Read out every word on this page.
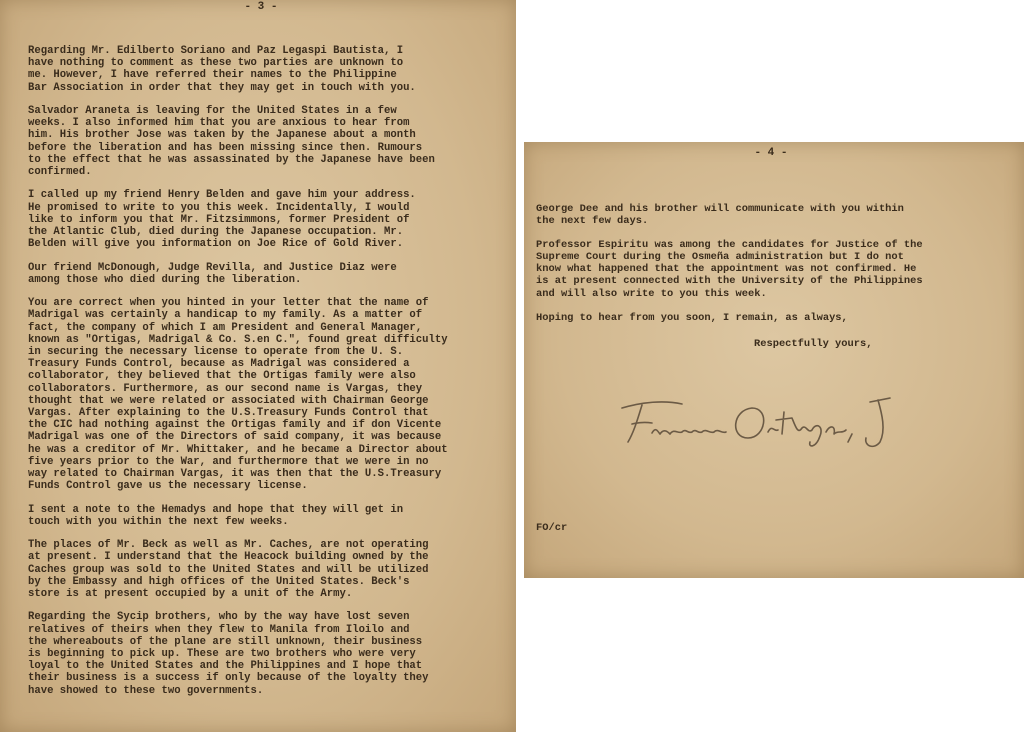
- 3 -

Regarding Mr. Edilberto Soriano and Paz Legaspi Bautista, I
have nothing to comment as these two parties are unknown to
me. However, I have referred their names to the Philippine
Bar Association in order that they may get in touch with you.

Salvador Araneta is leaving for the United States in a few
weeks. I also informed him that you are anxious to hear from
him. His brother Jose was taken by the Japanese about a month
before the liberation and has been missing since then. Rumours
to the effect that he was assassinated by the Japanese have been
confirmed.

I called up my friend Henry Belden and gave him your address.
He promised to write to you this week. Incidentally, I would
like to inform you that Mr. Fitzsimmons, former President of
the Atlantic Club, died during the Japanese occupation. Mr.
Belden will give you information on Joe Rice of Gold River.

Our friend McDonough, Judge Revilla, and Justice Diaz were
among those who died during the liberation.

You are correct when you hinted in your letter that the name of
Madrigal was certainly a handicap to my family. As a matter of
fact, the company of which I am President and General Manager,
known as "Ortigas, Madrigal & Co. S.en C.", found great difficulty
in securing the necessary license to operate from the U. S.
Treasury Funds Control, because as Madrigal was considered a
collaborator, they believed that the Ortigas family were also
collaborators. Furthermore, as our second name is Vargas, they
thought that we were related or associated with Chairman George
Vargas. After explaining to the U.S.Treasury Funds Control that
the CIC had nothing against the Ortigas family and if don Vicente
Madrigal was one of the Directors of said company, it was because
he was a creditor of Mr. Whittaker, and he became a Director about
five years prior to the War, and furthermore that we were in no
way related to Chairman Vargas, it was then that the U.S.Treasury
Funds Control gave us the necessary license.

I sent a note to the Hemadys and hope that they will get in
touch with you within the next few weeks.

The places of Mr. Beck as well as Mr. Caches, are not operating
at present. I understand that the Heacock building owned by the
Caches group was sold to the United States and will be utilized
by the Embassy and high offices of the United States. Beck's
store is at present occupied by a unit of the Army.

Regarding the Sycip brothers, who by the way have lost seven
relatives of theirs when they flew to Manila from Iloilo and
the whereabouts of the plane are still unknown, their business
is beginning to pick up. These are two brothers who were very
loyal to the United States and the Philippines and I hope that
their business is a success if only because of the loyalty they
have showed to these two governments.

- 4 -

George Dee and his brother will communicate with you within
the next few days.

Professor Espiritu was among the candidates for Justice of the
Supreme Court during the Osmeña administration but I do not
know what happened that the appointment was not confirmed. He
is at present connected with the University of the Philippines
and will also write to you this week.

Hoping to hear from you soon, I remain, as always,

Respectfully yours,

FO/cr
